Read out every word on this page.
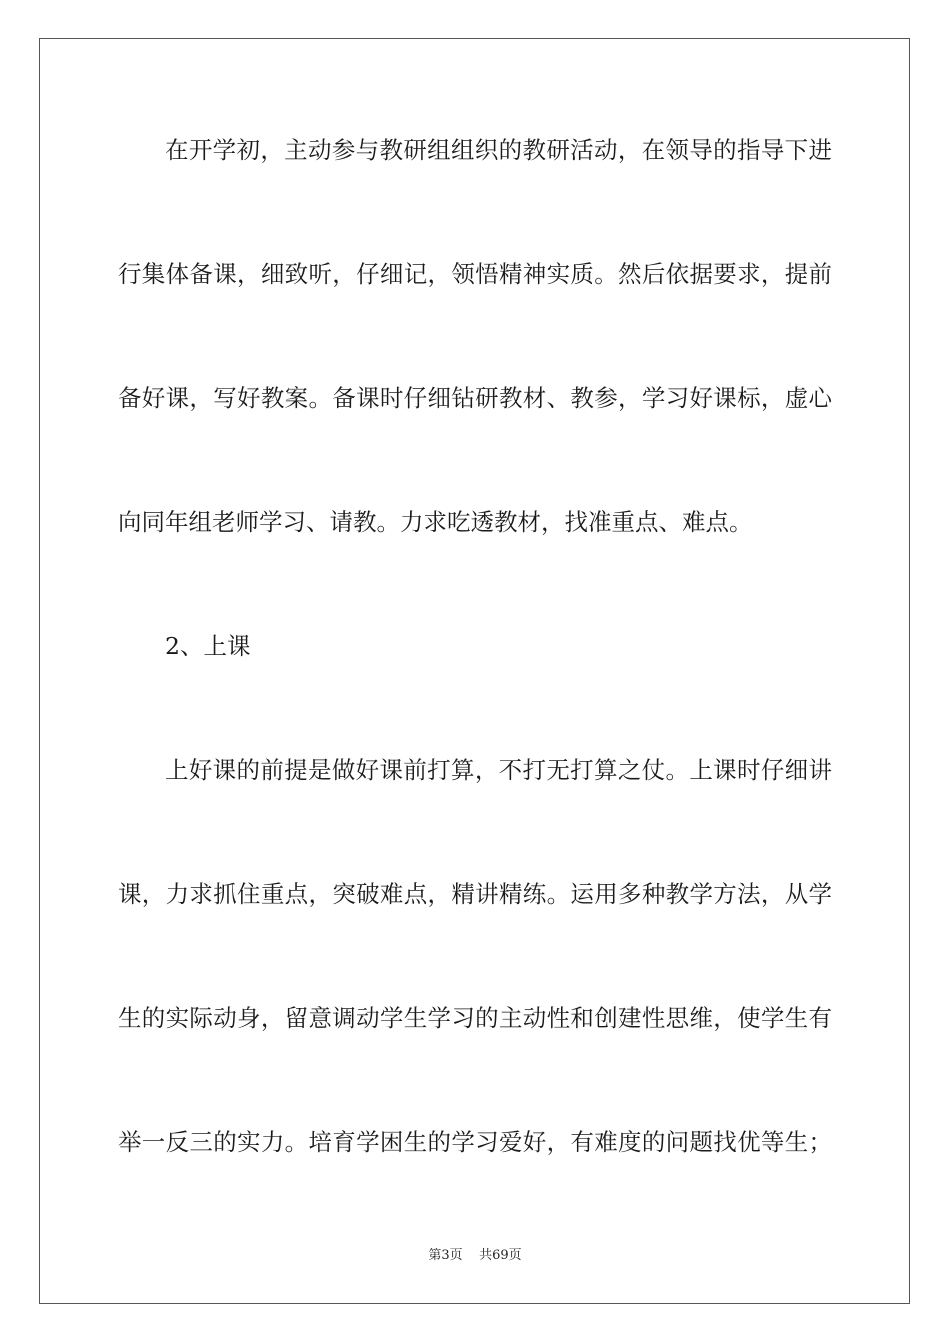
在开学初，主动参与教研组组织的教研活动，在领导的指导下进
行集体备课，细致听，仔细记，领悟精神实质。然后依据要求，提前
备好课，写好教案。备课时仔细钻研教材、教参，学习好课标，虚心
向同年组老师学习、请教。力求吃透教材，找准重点、难点。
2、上课
上好课的前提是做好课前打算，不打无打算之仗。上课时仔细讲
课，力求抓住重点，突破难点，精讲精练。运用多种教学方法，从学
生的实际动身，留意调动学生学习的主动性和创建性思维，使学生有
举一反三的实力。培育学困生的学习爱好，有难度的问题找优等生；
第3页 共69页
